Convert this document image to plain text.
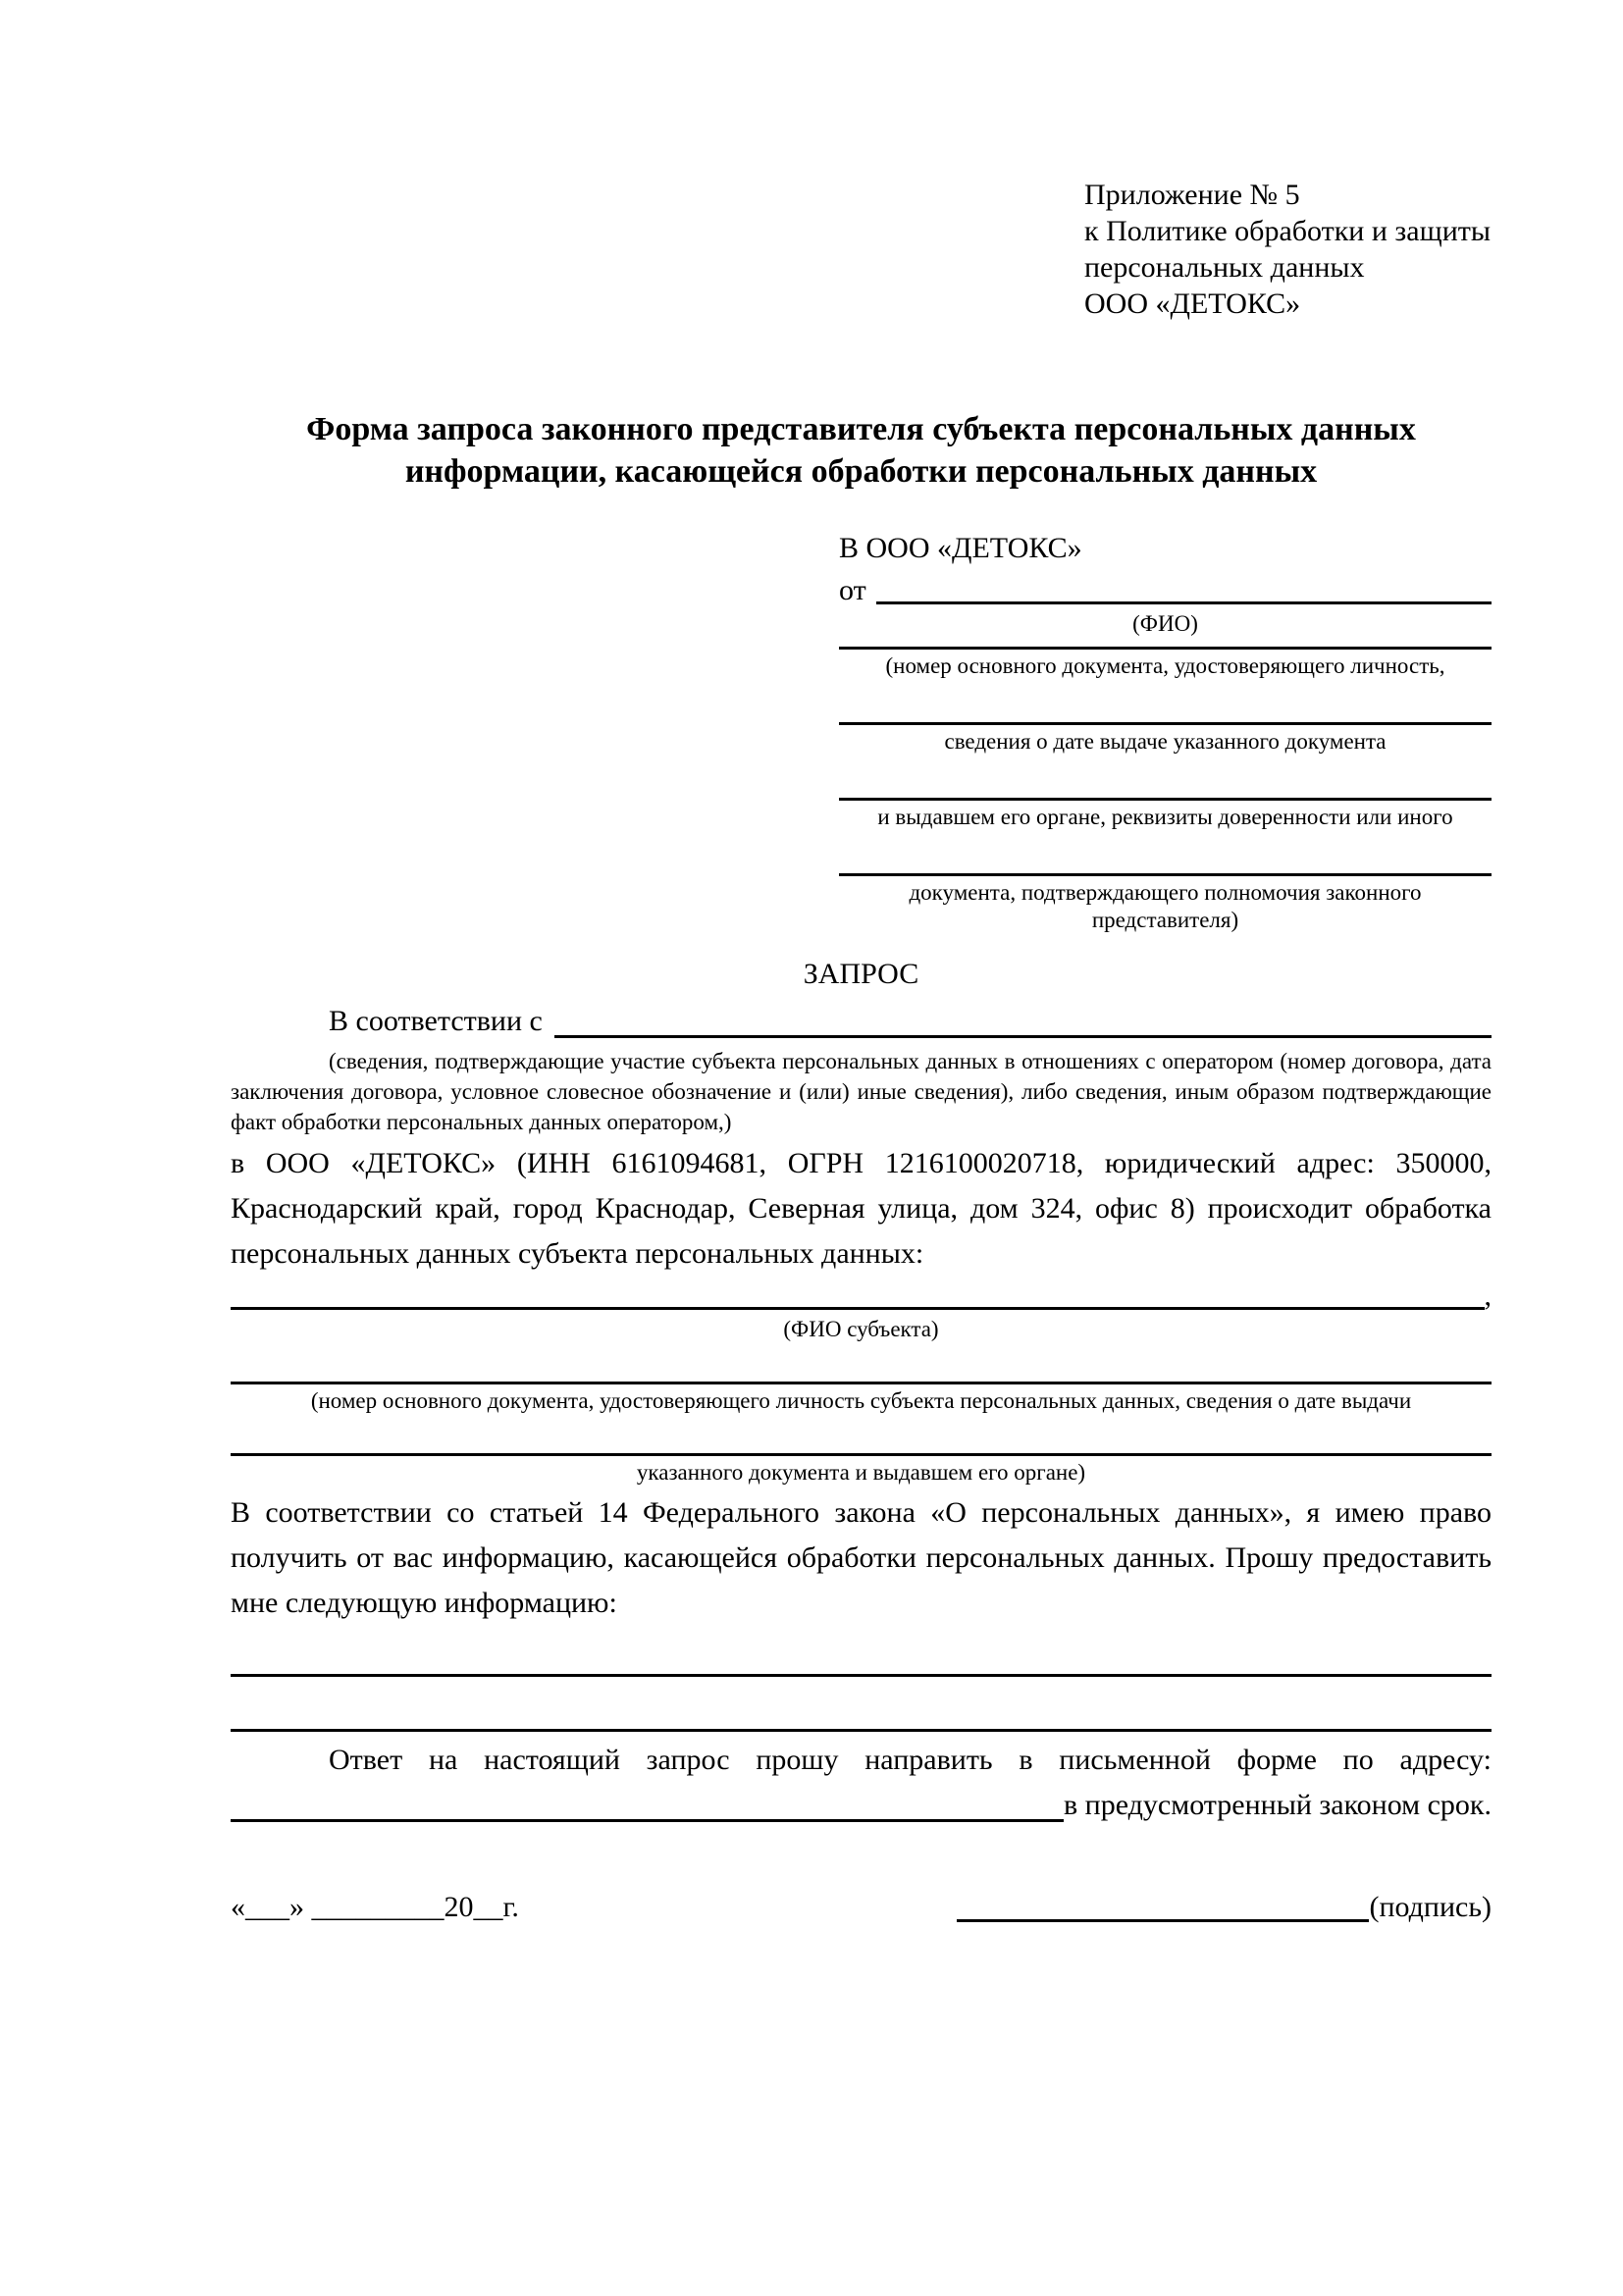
Приложение № 5
к Политике обработки и защиты
персональных данных
ООО «ДЕТОКС»
Форма запроса законного представителя субъекта персональных данных
информации, касающейся обработки персональных данных
В ООО «ДЕТОКС»
от
(ФИО)
(номер основного документа, удостоверяющего личность,
сведения о дате выдаче указанного документа
и выдавшем его органе, реквизиты доверенности или иного
документа, подтверждающего полномочия законного представителя)
ЗАПРОС
В соответствии с
(сведения, подтверждающие участие субъекта персональных данных в отношениях с оператором (номер договора, дата заключения договора, условное словесное обозначение и (или) иные сведения), либо сведения, иным образом подтверждающие факт обработки персональных данных оператором,)
в ООО «ДЕТОКС» (ИНН 6161094681, ОГРН 1216100020718, юридический адрес: 350000, Краснодарский край, город Краснодар, Северная улица, дом 324, офис 8) происходит обработка персональных данных субъекта персональных данных:
,
(ФИО субъекта)
(номер основного документа, удостоверяющего личность субъекта персональных данных, сведения о дате выдачи
указанного документа и выдавшем его органе)
В соответствии со статьей 14 Федерального закона «О персональных данных», я имею право получить от вас информацию, касающейся обработки персональных данных. Прошу предоставить мне следующую информацию:
Ответ на настоящий запрос прошу направить в письменной форме по адресу:
в предусмотренный законом срок.
«___» _________20__г.	(подпись)
